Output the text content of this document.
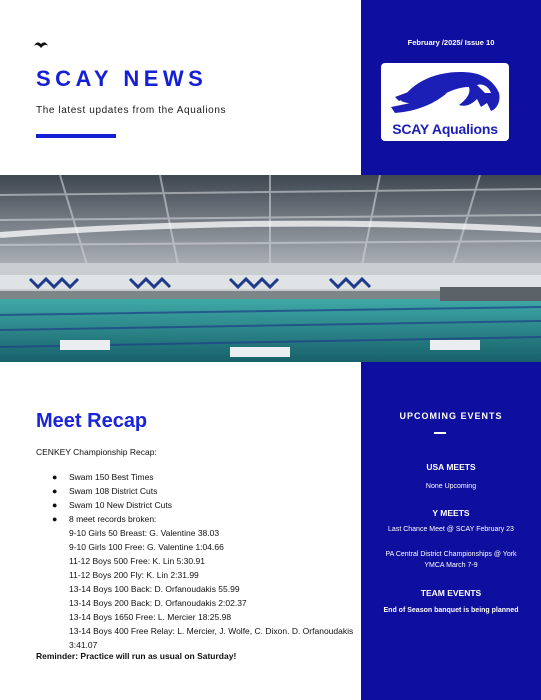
arena
SCAY NEWS
The latest updates from the Aqualions
February /2025/ Issue 10
SCAY Aqualions
Meet Recap
CENKEY Championship Recap:
● Swam 150 Best Times
● Swam 108 District Cuts
● Swam 10 New District Cuts
● 8 meet records broken:
9-10 Girls 50 Breast: G. Valentine 38.03
9-10 Girls 100 Free: G. Valentine 1:04.66
11-12 Boys 500 Free: K. Lin 5:30.91
11-12 Boys 200 Fly: K. Lin 2:31.99
13-14 Boys 100 Back: D. Orfanoudakis 55.99
13-14 Boys 200 Back: D. Orfanoudakis 2:02.37
13-14 Boys 1650 Free: L. Mercier 18:25.98
13-14 Boys 400 Free Relay: L. Mercier, J. Wolfe, C. Dixon. D. Orfanoudakis 3:41.07
Reminder: Practice will run as usual on Saturday!
UPCOMING EVENTS
USA MEETS
None Upcoming
Y MEETS
Last Chance Meet @ SCAY February 23
PA Central District Championships @ York YMCA March 7-9
TEAM EVENTS
End of Season banquet is being planned
